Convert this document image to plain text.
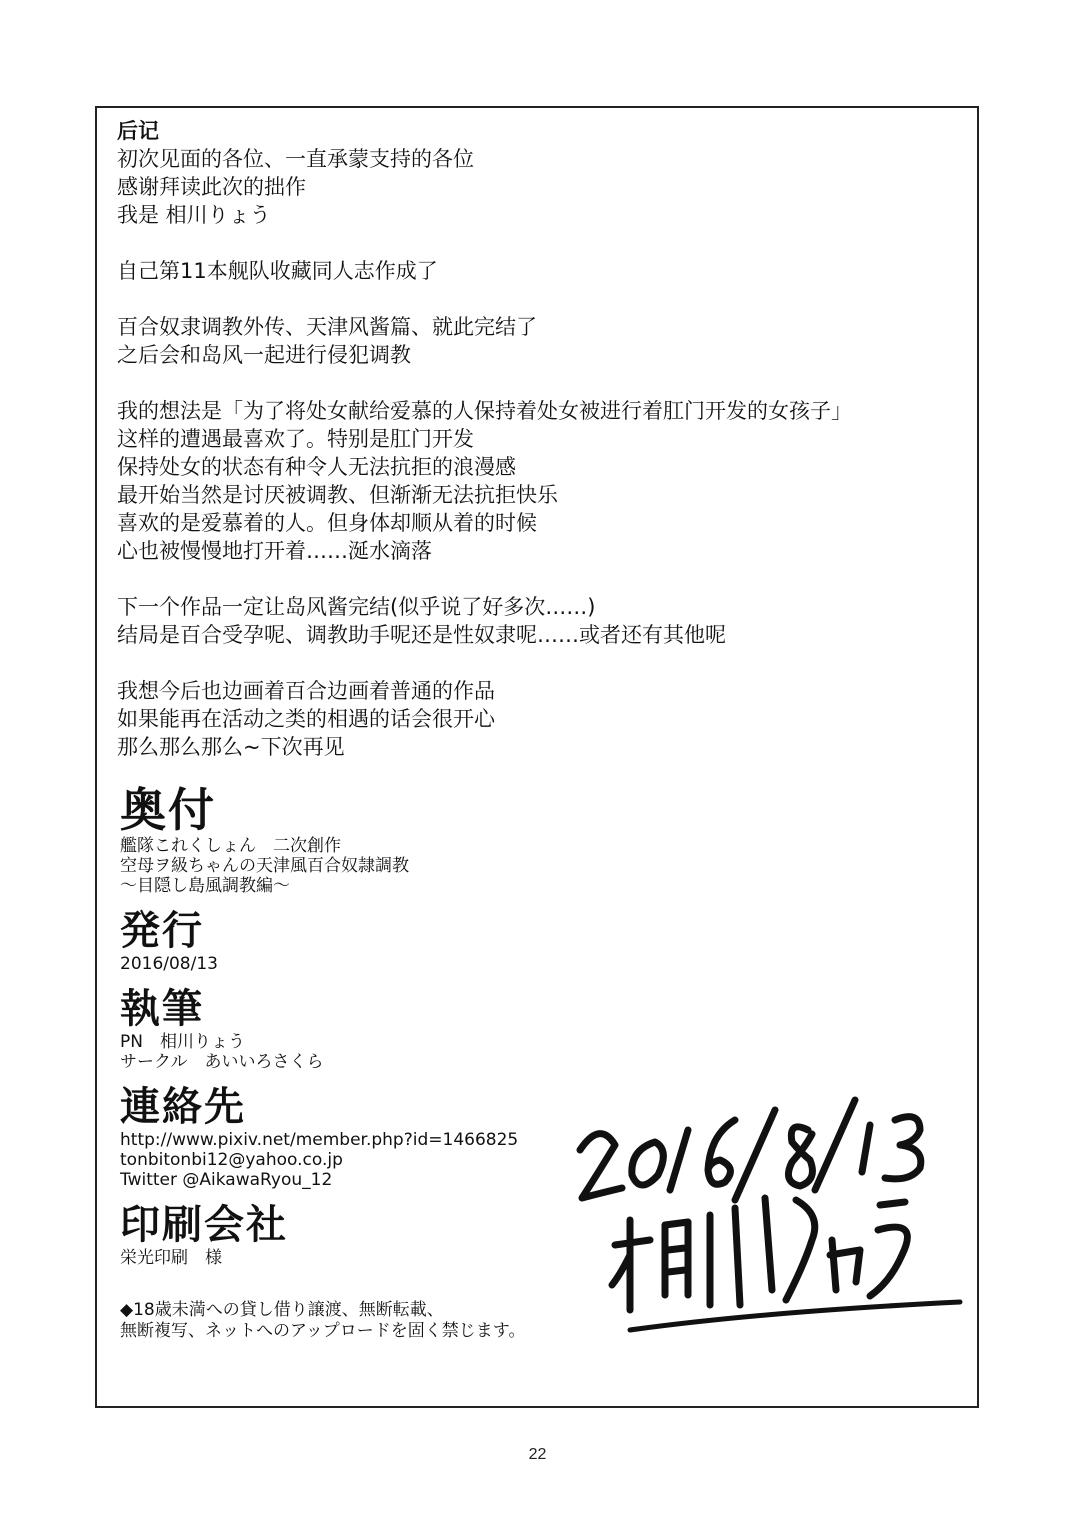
后记
初次见面的各位、一直承蒙支持的各位
感谢拜读此次的拙作
我是 相川りょう
自己第11本舰队收藏同人志作成了
百合奴隶调教外传、天津风酱篇、就此完结了
之后会和岛风一起进行侵犯调教
我的想法是「为了将处女献给爱慕的人保持着处女被进行着肛门开发的女孩子」
这样的遭遇最喜欢了。特别是肛门开发
保持处女的状态有种令人无法抗拒的浪漫感
最开始当然是讨厌被调教、但渐渐无法抗拒快乐
喜欢的是爱慕着的人。但身体却顺从着的时候
心也被慢慢地打开着……涎水滴落
下一个作品一定让岛风酱完结(似乎说了好多次……)
结局是百合受孕呢、调教助手呢还是性奴隶呢……或者还有其他呢
我想今后也边画着百合边画着普通的作品
如果能再在活动之类的相遇的话会很开心
那么那么那么~下次再见
奥付
艦隊これくしょん　二次創作
空母ヲ級ちゃんの天津風百合奴隷調教
～目隠し島風調教編～
発行
2016/08/13
執筆
PN　相川りょう
サークル　あいいろさくら
連絡先
http://www.pixiv.net/member.php?id=1466825
tonbitonbi12@yahoo.co.jp
Twitter @AikawaRyou_12
印刷会社
栄光印刷　様
◆18歳未満への貸し借り譲渡、無断転載、
無断複写、ネットへのアップロードを固く禁じます。
22
